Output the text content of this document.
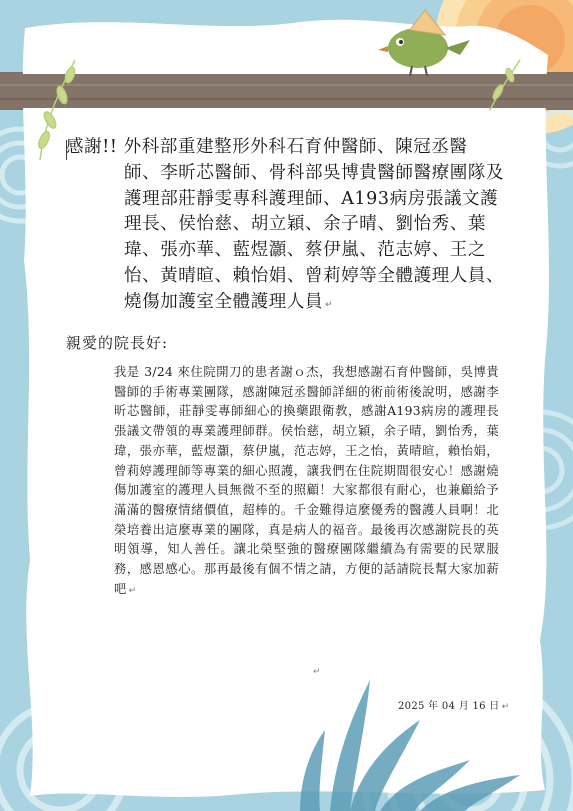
感謝!! 外科部重建整形外科石育仲醫師、陳冠丞醫
師、李昕芯醫師、骨科部吳博貴醫師醫療團隊及護理部莊靜雯專科護理師、A193病房張議文護理長、侯怡慈、胡立穎、余子晴、劉怡秀、葉瑋、張亦華、藍煜灝、蔡伊嵐、范志婷、王之怡、黃晴暄、賴怡娟、曾莉婷等全體護理人員、燒傷加護室全體護理人員 ↵
親愛的院長好:
我是 3/24 來住院開刀的患者謝ｏ杰，我想感謝石育仲醫師，吳博貴醫師的手術專業團隊，感謝陳冠丞醫師詳細的術前術後說明，感謝李昕芯醫師，莊靜雯專師細心的換藥跟衛教，感謝A193病房的護理長張議文帶領的專業護理師群。侯怡慈，胡立穎，余子晴，劉怡秀，葉瑋，張亦華，藍煜灝，蔡伊嵐，范志婷，王之怡，黃晴暄，賴怡娟，曾莉婷護理師等專業的細心照護，讓我們在住院期間很安心！感謝燒傷加護室的護理人員無微不至的照顧！大家都很有耐心，也兼顧給予滿滿的醫療情緒價值，超棒的。千金難得這麼優秀的醫護人員啊！北榮培養出這麼專業的團隊，真是病人的福音。最後再次感謝院長的英明領導，知人善任。讓北榮堅強的醫療團隊繼續為有需要的民眾服務，感恩感心。那再最後有個不情之請，方便的話請院長幫大家加薪吧 ↵
↵
2025 年 04 月 16 日 ↵
